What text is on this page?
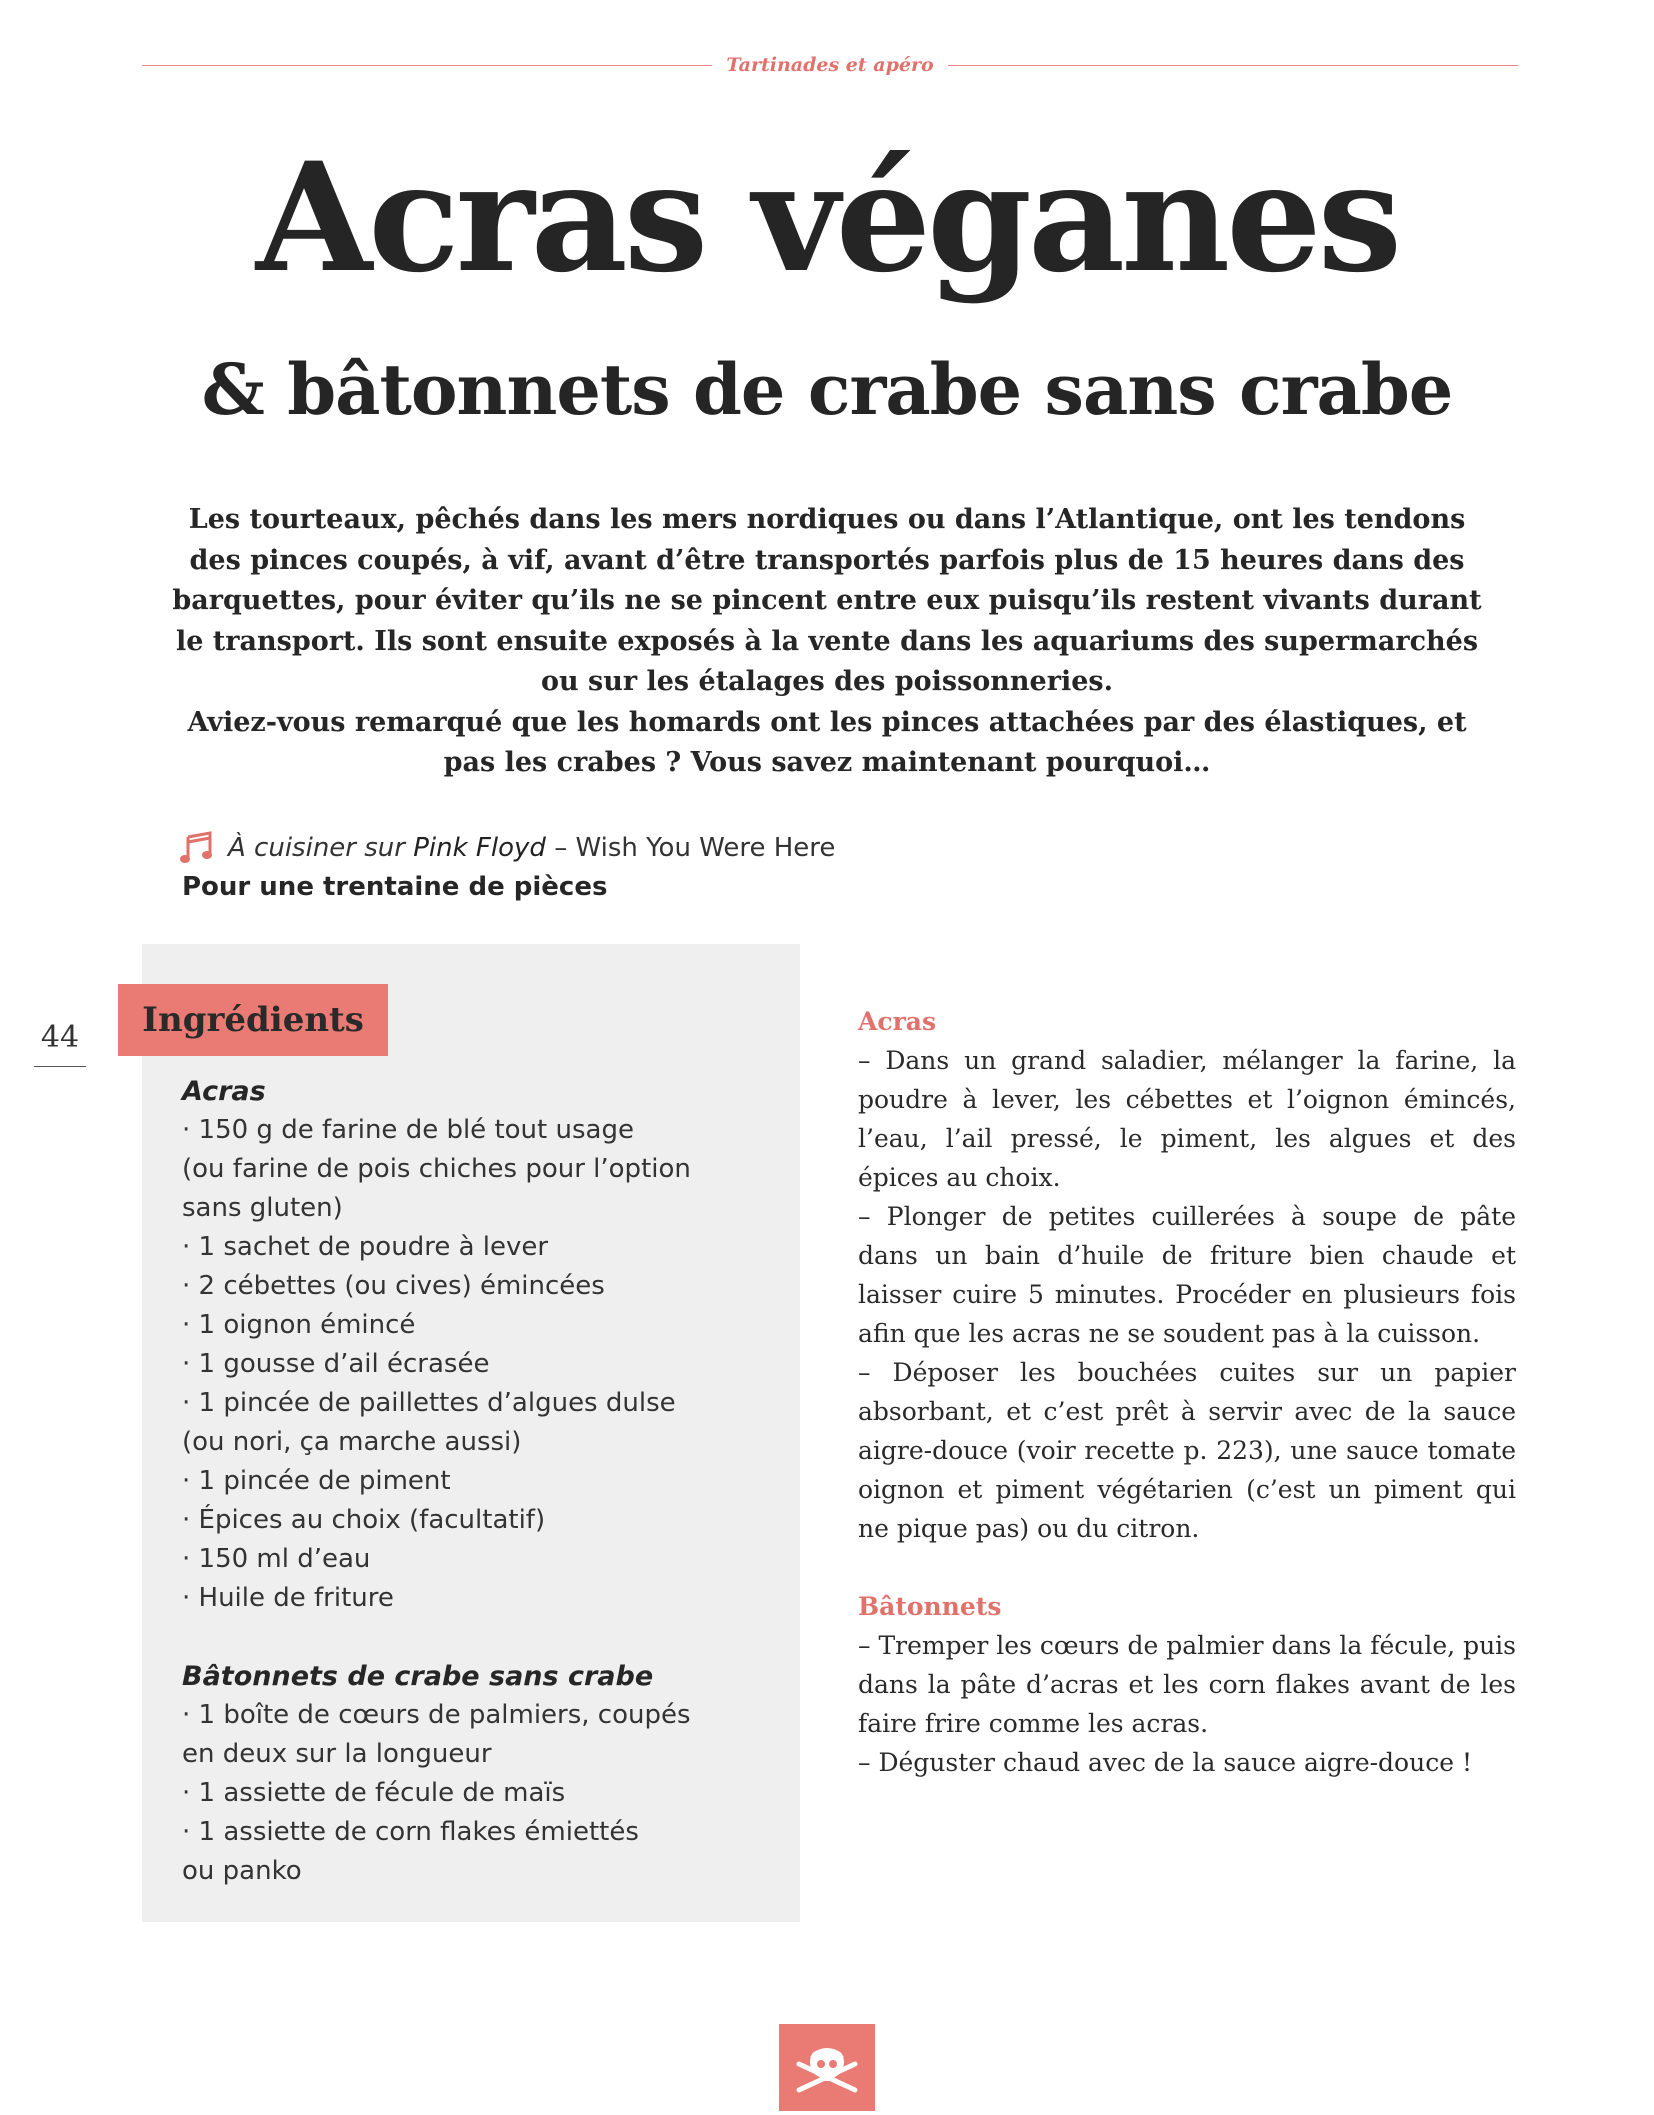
Tartinades et apéro
Acras véganes
& bâtonnets de crabe sans crabe

Les tourteaux, pêchés dans les mers nordiques ou dans l’Atlantique, ont les tendons des pinces coupés, à vif, avant d’être transportés parfois plus de 15 heures dans des barquettes, pour éviter qu’ils ne se pincent entre eux puisqu’ils restent vivants durant le transport. Ils sont ensuite exposés à la vente dans les aquariums des supermarchés ou sur les étalages des poissonneries.

Aviez-vous remarqué que les homards ont les pinces attachées par des élastiques, et pas les crabes ? Vous savez maintenant pourquoi…

À cuisiner sur
Pink Floyd
–
Wish You Were Here
Pour une trentaine de pièces
Ingrédients
44
Acras
· 150 g de farine de blé tout usage
(ou farine de pois chiches pour l’option
sans gluten)
· 1 sachet de poudre à lever
· 2 cébettes (ou cives) émincées
· 1 oignon émincé
· 1 gousse d’ail écrasée
· 1 pincée de paillettes d’algues dulse
(ou nori, ça marche aussi)
· 1 pincée de piment
· Épices au choix (facultatif)
· 150 ml d’eau
· Huile de friture
Bâtonnets de crabe sans crabe
· 1 boîte de cœurs de palmiers, coupés
en deux sur la longueur
· 1 assiette de fécule de maïs
· 1 assiette de corn flakes émiettés
ou panko
Acras

– Dans un grand saladier, mélanger la farine, la poudre à lever, les cébettes et l’oignon émincés, l’eau, l’ail pressé, le piment, les algues et des épices au choix.

– Plonger de petites cuillerées à soupe de pâte dans un bain d’huile de friture bien chaude et laisser cuire 5 minutes. Procéder en plusieurs fois afin que les acras ne se soudent pas à la cuisson.

– Déposer les bouchées cuites sur un papier absorbant, et c’est prêt à servir avec de la sauce aigre-douce (voir recette p. 223), une sauce tomate oignon et piment végétarien (c’est un piment qui ne pique pas) ou du citron.

Bâtonnets

– Tremper les cœurs de palmier dans la fécule, puis dans la pâte d’acras et les corn flakes avant de les faire frire comme les acras.

– Déguster chaud avec de la sauce aigre-douce !
